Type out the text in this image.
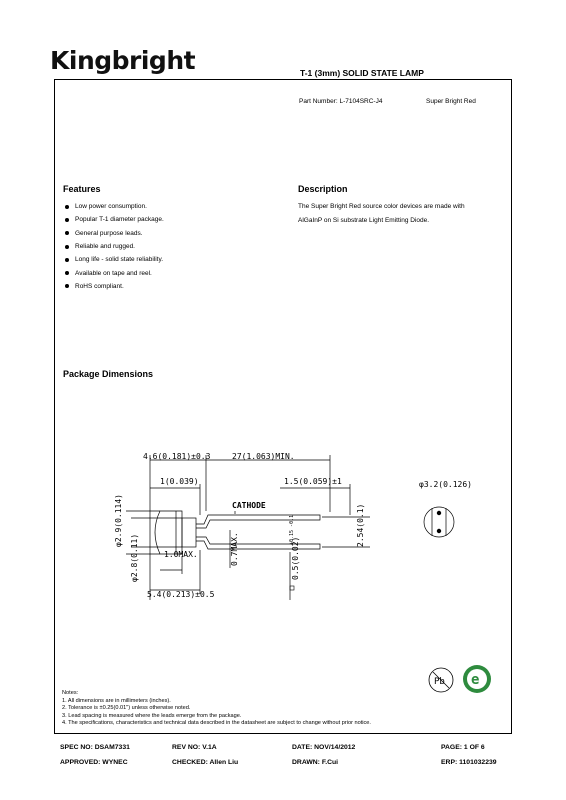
Kingbright	T-1 (3mm) SOLID STATE LAMP
Part Number: L-7104SRC-J4	Super Bright Red
Features
Low power consumption.
Popular T-1 diameter package.
General purpose leads.
Reliable and rugged.
Long life - solid state reliability.
Available on tape and reel.
RoHS compliant.
Description
The Super Bright Red source color devices are made with
AlGaInP on Si substrate Light Emitting Diode.
Package Dimensions
4.6(0.181)±0.3	27(1.063)MIN.
1(0.039)	1.5(0.059)±1
CATHODE
1.0MAX.
5.4(0.213)±0.5
φ3.2(0.126)
φ2.9(0.114)
φ2.8(0.11)	0.7MAX.	0.5(0.02)
+0.15 -0.1	2.54(0.1)
Pb e
Notes:
1. All dimensions are in millimeters (inches).
2. Tolerance is ±0.25(0.01") unless otherwise noted.
3. Lead spacing is measured where the leads emerge from the package.
4. The specifications, characteristics and technical data described in the datasheet are subject to change without prior notice.
SPEC NO: DSAM7331	REV NO: V.1A	DATE: NOV/14/2012	PAGE: 1 OF 6
APPROVED: WYNEC	CHECKED: Allen Liu	DRAWN: F.Cui	ERP: 1101032239
